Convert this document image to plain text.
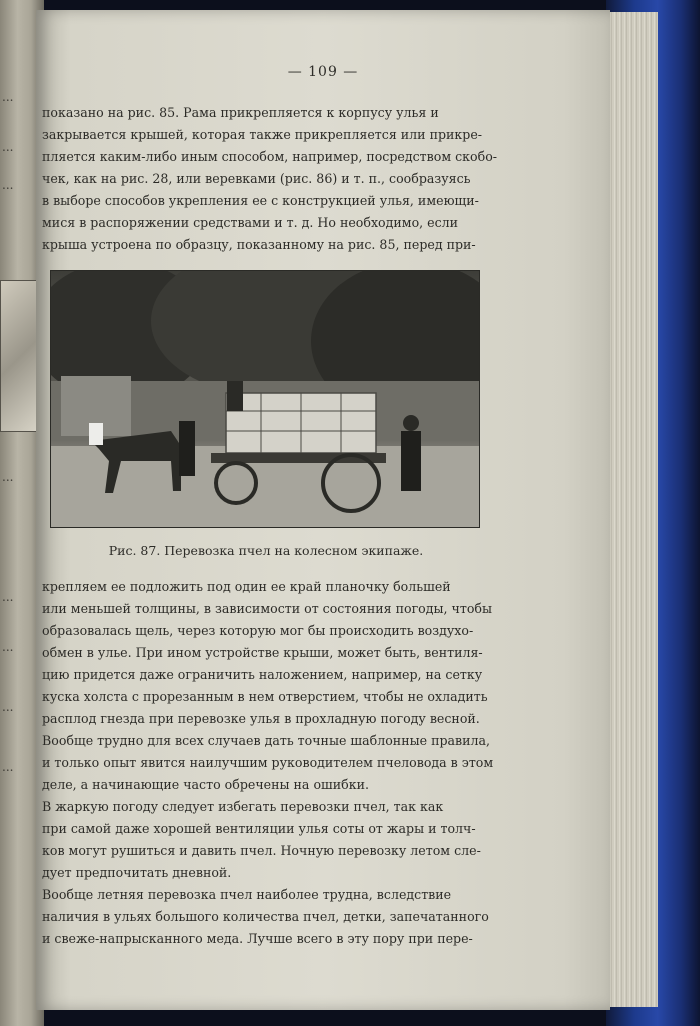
...
...
...
...
...
...
...
...
— 109 —

показано на рис. 85. Рама прикрепляется к корпусу улья и
закрывается крышей, которая также прикрепляется или прикре-
пляется каким-либо иным способом, например, посредством скобо-
чек, как на рис. 28, или веревками (рис. 86) и т. п., сообразуясь
в выборе способов укрепления ее с конструкцией улья, имеющи-
мися в распоряжении средствами и т. д. Но необходимо, если
крыша устроена по образцу, показанному на рис. 85, перед при-

Рис. 87. Перевозка пчел на колесном экипаже.

крепляем ее подложить под один ее край планочку большей
или меньшей толщины, в зависимости от состояния погоды, чтобы
образовалась щель, через которую мог бы происходить воздухо-
обмен в улье. При ином устройстве крыши, может быть, вентиля-
цию придется даже ограничить наложением, например, на сетку
куска холста с прорезанным в нем отверстием, чтобы не охладить
расплод гнезда при перевозке улья в прохладную погоду весной.
Вообще трудно для всех случаев дать точные шаблонные правила,
и только опыт явится наилучшим руководителем пчеловода в этом
деле, а начинающие часто обречены на ошибки.
В жаркую погоду следует избегать перевозки пчел, так как
при самой даже хорошей вентиляции улья соты от жары и толч-
ков могут рушиться и давить пчел. Ночную перевозку летом сле-
дует предпочитать дневной.
Вообще летняя перевозка пчел наиболее трудна, вследствие
наличия в ульях большого количества пчел, детки, запечатанного
и свеже-напрысканного меда. Лучше всего в эту пору при пере-
